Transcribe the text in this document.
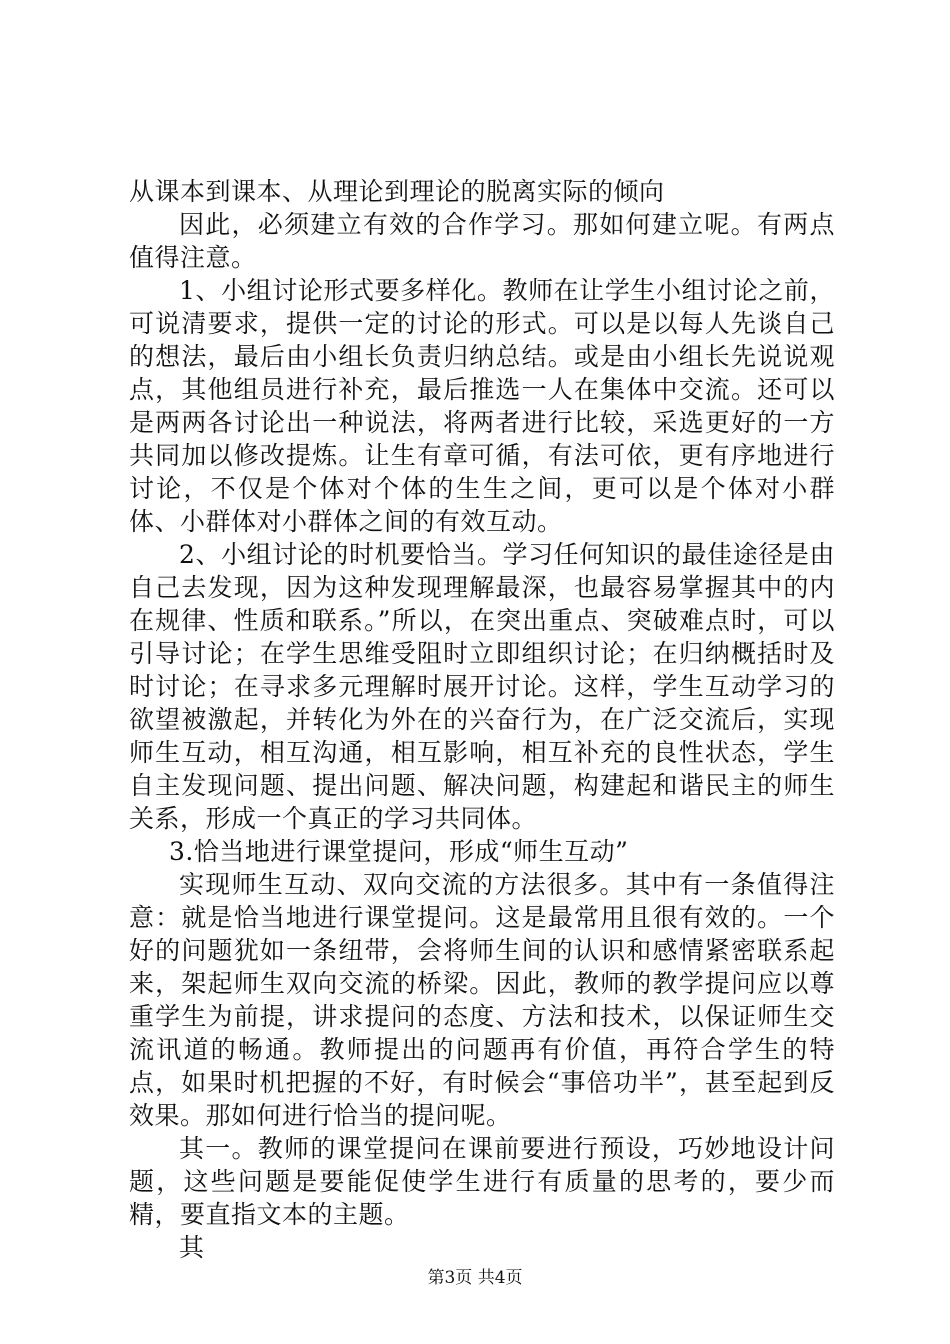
从课本到课本、从理论到理论的脱离实际的倾向

因此，必须建立有效的合作学习。那如何建立呢。有两点值得注意。

1、小组讨论形式要多样化。教师在让学生小组讨论之前，可说清要求，提供一定的讨论的形式。可以是以每人先谈自己的想法，最后由小组长负责归纳总结。或是由小组长先说说观点，其他组员进行补充，最后推选一人在集体中交流。还可以是两两各讨论出一种说法，将两者进行比较，采选更好的一方共同加以修改提炼。让生有章可循，有法可依，更有序地进行讨论，不仅是个体对个体的生生之间，更可以是个体对小群体、小群体对小群体之间的有效互动。

2、小组讨论的时机要恰当。学习任何知识的最佳途径是由自己去发现，因为这种发现理解最深，也最容易掌握其中的内在规律、性质和联系。”所以，在突出重点、突破难点时，可以引导讨论；在学生思维受阻时立即组织讨论；在归纳概括时及时讨论；在寻求多元理解时展开讨论。这样，学生互动学习的欲望被激起，并转化为外在的兴奋行为，在广泛交流后，实现师生互动，相互沟通，相互影响，相互补充的良性状态，学生自主发现问题、提出问题、解决问题，构建起和谐民主的师生关系，形成一个真正的学习共同体。

3.恰当地进行课堂提问，形成“师生互动”

实现师生互动、双向交流的方法很多。其中有一条值得注意：就是恰当地进行课堂提问。这是最常用且很有效的。一个好的问题犹如一条纽带，会将师生间的认识和感情紧密联系起来，架起师生双向交流的桥梁。因此，教师的教学提问应以尊重学生为前提，讲求提问的态度、方法和技术，以保证师生交流讯道的畅通。教师提出的问题再有价值，再符合学生的特点，如果时机把握的不好，有时候会“事倍功半”，甚至起到反效果。那如何进行恰当的提问呢。

其一。教师的课堂提问在课前要进行预设，巧妙地设计问题，这些问题是要能促使学生进行有质量的思考的，要少而精，要直指文本的主题。

其

第3页 共4页
